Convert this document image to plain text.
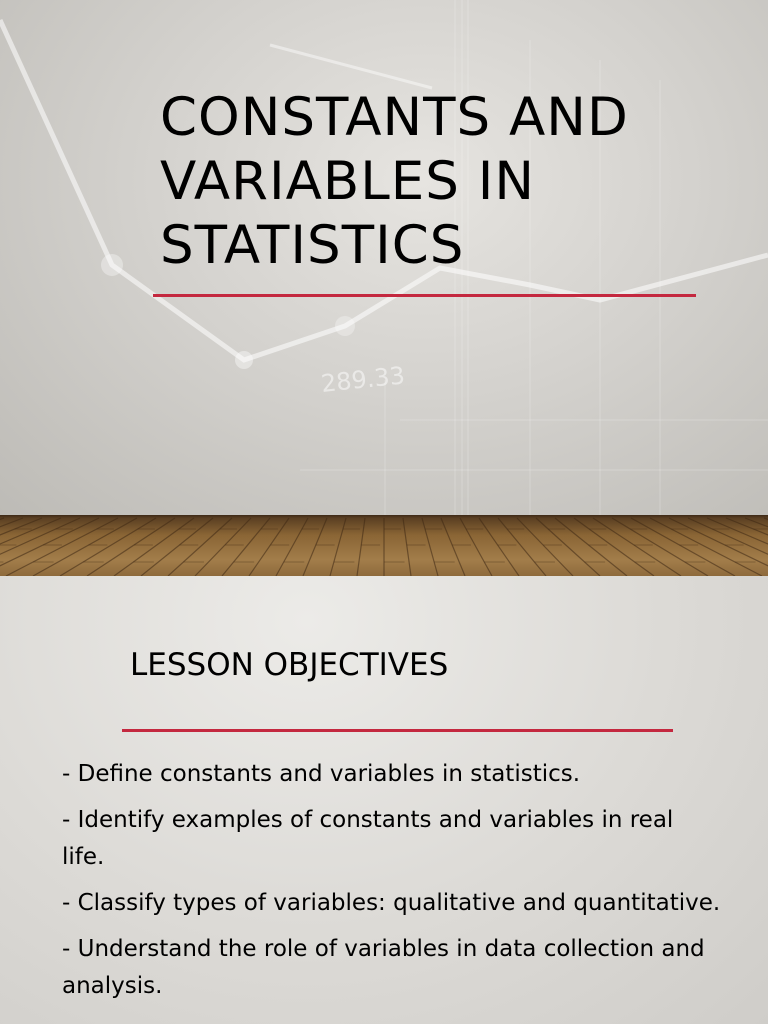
289.33
CONSTANTS AND VARIABLES IN STATISTICS
LESSON OBJECTIVES
- Define constants and variables in statistics.
- Identify examples of constants and variables in real life.
- Classify types of variables: qualitative and quantitative.
- Understand the role of variables in data collection and analysis.
